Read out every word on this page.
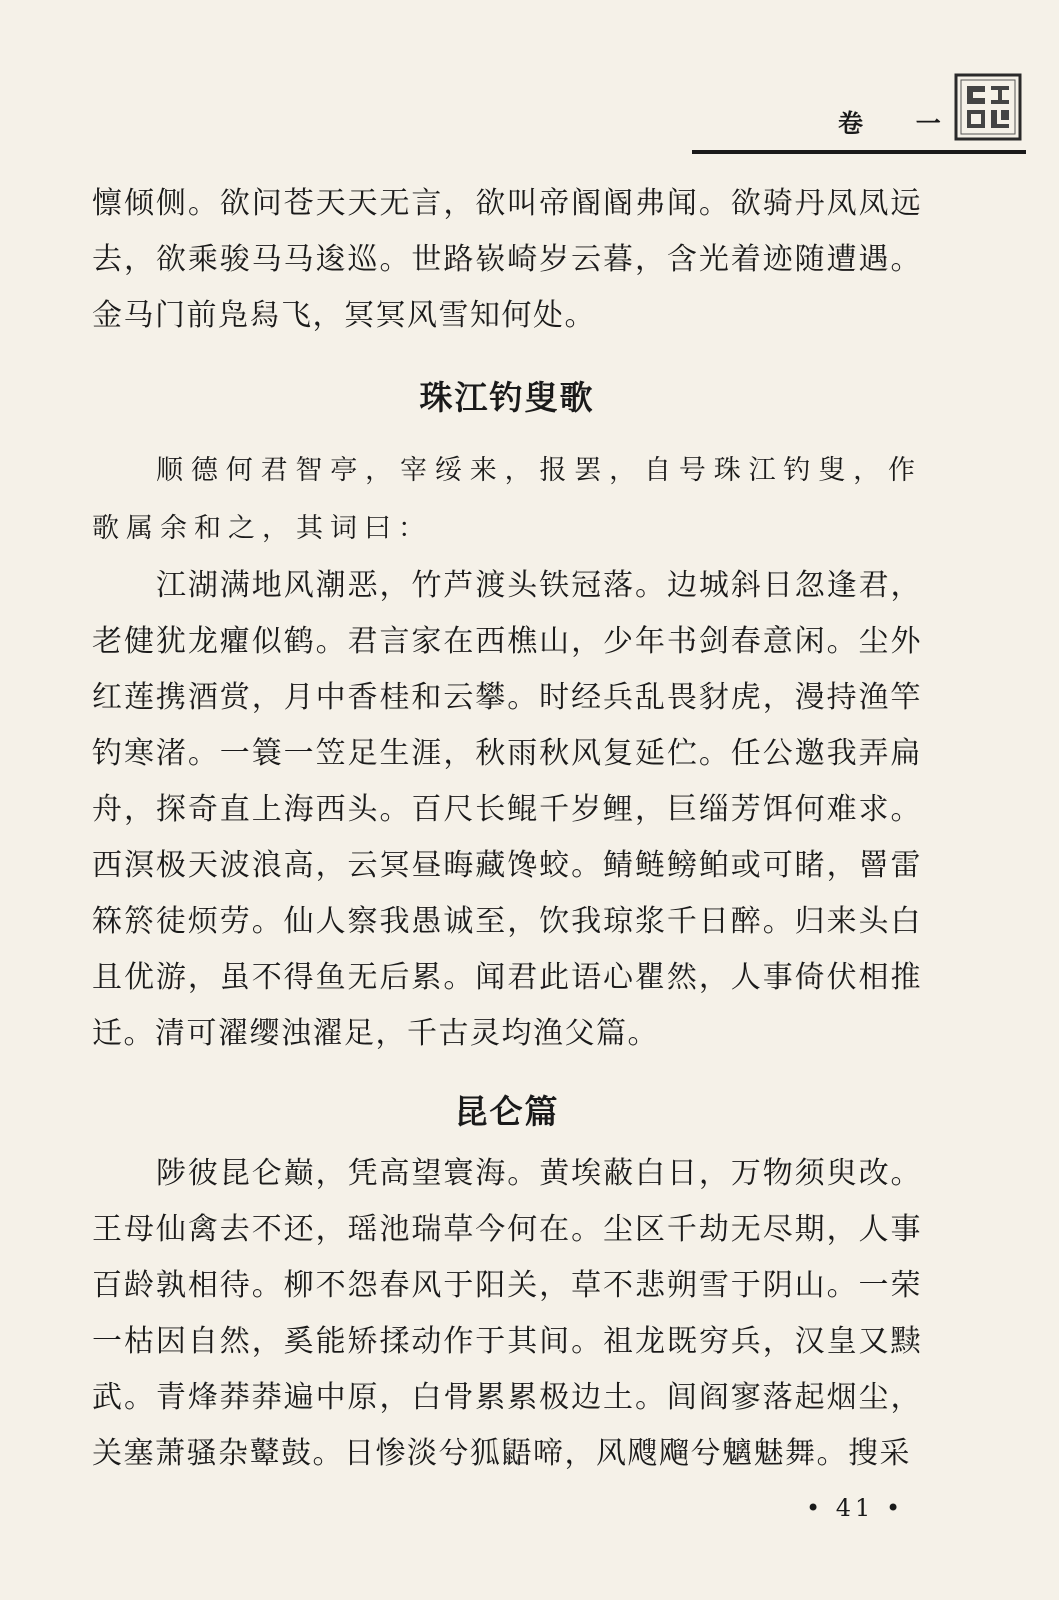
卷 一

懔倾侧。欲问苍天天无言，欲叫帝阍阍弗闻。欲骑丹凤凤远去，欲乘骏马马逡巡。世路嵚崎岁云暮，含光着迹随遭遇。金马门前凫舄飞，冥冥风雪知何处。

珠江钓叟歌

顺德何君智亭，宰绥来，报罢，自号珠江钓叟，作歌属余和之，其词曰：

江湖满地风潮恶，竹芦渡头铁冠落。边城斜日忽逢君，老健犹龙癯似鹤。君言家在西樵山，少年书剑春意闲。尘外红莲携酒赏，月中香桂和云攀。时经兵乱畏豺虎，漫持渔竿钓寒渚。一簑一笠足生涯，秋雨秋风复延伫。任公邀我弄扁舟，探奇直上海西头。百尺长鲲千岁鲤，巨缁芳饵何难求。西溟极天波浪高，云冥昼晦藏馋蛟。鲭鲢鳑鲌或可睹，罾雷箖箊徒烦劳。仙人察我愚诚至，饮我琼浆千日醉。归来头白且优游，虽不得鱼无后累。闻君此语心瞿然，人事倚伏相推迁。清可濯缨浊濯足，千古灵均渔父篇。

昆仑篇

陟彼昆仑巅，凭高望寰海。黄埃蔽白日，万物须臾改。王母仙禽去不还，瑶池瑞草今何在。尘区千劫无尽期，人事百龄孰相待。柳不怨春风于阳关，草不悲朔雪于阴山。一荣一枯因自然，奚能矫揉动作于其间。祖龙既穷兵，汉皇又黩武。青烽莽莽遍中原，白骨累累极边土。闾阎寥落起烟尘，关塞萧骚杂鼙鼓。日惨淡兮狐鼯啼，风飕飗兮魑魅舞。搜采

• 41 •
